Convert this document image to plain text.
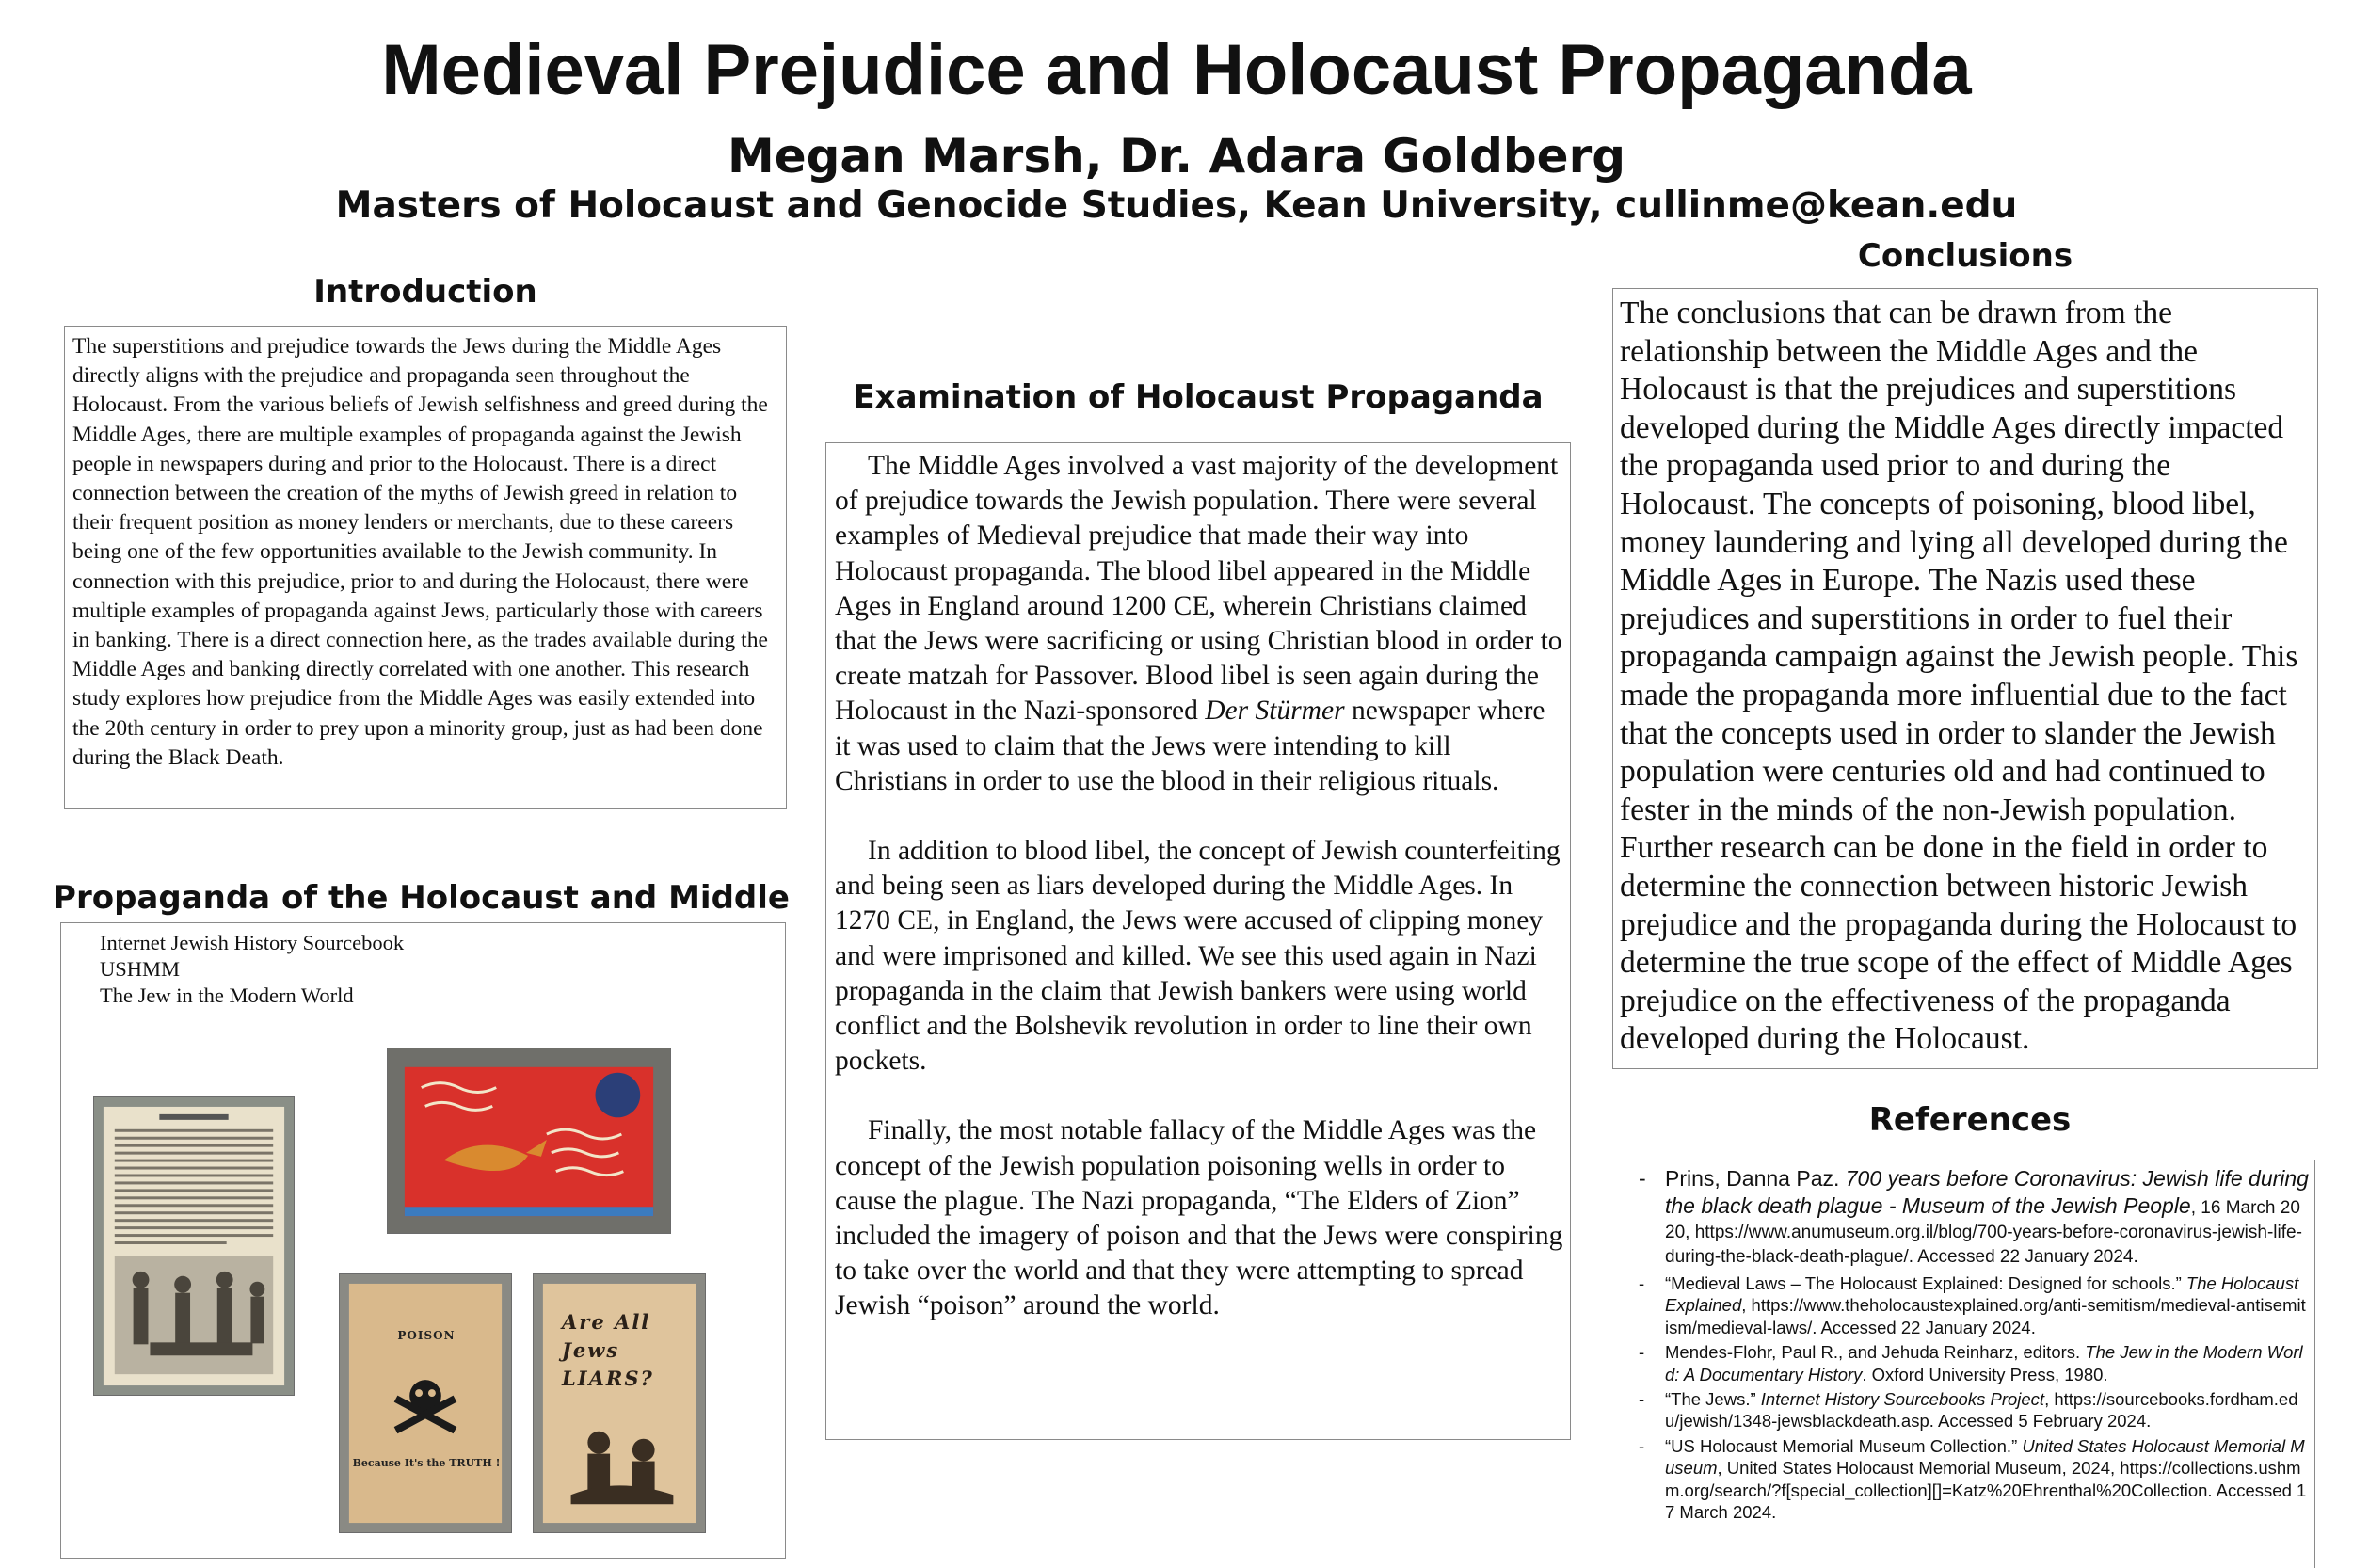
Medieval Prejudice and Holocaust Propaganda
Megan Marsh, Dr. Adara Goldberg
Masters of Holocaust and Genocide Studies, Kean University, cullinme@kean.edu
Introduction

The superstitions and prejudice towards the Jews during the Middle Ages directly aligns with the prejudice and propaganda seen throughout the Holocaust. From the various beliefs of Jewish selfishness and greed during the Middle Ages, there are multiple examples of propaganda against the Jewish people in newspapers during and prior to the Holocaust. There is a direct connection between the creation of the myths of Jewish greed in relation to their frequent position as money lenders or merchants, due to these careers being one of the few opportunities available to the Jewish community. In connection with this prejudice, prior to and during the Holocaust, there were multiple examples of propaganda against Jews, particularly those with careers in banking. There is a direct connection here, as the trades available during the Middle Ages and banking directly correlated with one another. This research study explores how prejudice from the Middle Ages was easily extended into the 20th century in order to prey upon a minority group, just as had been done during the Black Death.

Propaganda of the Holocaust and Middle
Internet Jewish History Sourcebook
USHMM
The Jew in the Modern World
POISON
Because It's the TRUTH !
Are All Jews LIARS?
Examination of Holocaust Propaganda

The Middle Ages involved a vast majority of the development of prejudice towards the Jewish population. There were several examples of Medieval prejudice that made their way into Holocaust propaganda. The blood libel appeared in the Middle Ages in England around 1200 CE, wherein Christians claimed that the Jews were sacrificing or using Christian blood in order to create matzah for Passover. Blood libel is seen again during the Holocaust in the Nazi-sponsored Der Stürmer newspaper where it was used to claim that the Jews were intending to kill Christians in order to use the blood in their religious rituals.

In addition to blood libel, the concept of Jewish counterfeiting and being seen as liars developed during the Middle Ages. In 1270 CE, in England, the Jews were accused of clipping money and were imprisoned and killed. We see this used again in Nazi propaganda in the claim that Jewish bankers were using world conflict and the Bolshevik revolution in order to line their own pockets.

Finally, the most notable fallacy of the Middle Ages was the concept of the Jewish population poisoning wells in order to cause the plague. The Nazi propaganda, “The Elders of Zion” included the imagery of poison and that the Jews were conspiring to take over the world and that they were attempting to spread Jewish “poison” around the world.

Conclusions

The conclusions that can be drawn from the relationship between the Middle Ages and the Holocaust is that the prejudices and superstitions developed during the Middle Ages directly impacted the propaganda used prior to and during the Holocaust. The concepts of poisoning, blood libel, money laundering and lying all developed during the Middle Ages in Europe. The Nazis used these prejudices and superstitions in order to fuel their propaganda campaign against the Jewish people. This made the propaganda more influential due to the fact that the concepts used in order to slander the Jewish population were centuries old and had continued to fester in the minds of the non-Jewish population. Further research can be done in the field in order to determine the connection between historic Jewish prejudice and the propaganda during the Holocaust to determine the true scope of the effect of Middle Ages prejudice on the effectiveness of the propaganda developed during the Holocaust.

References
- Prins, Danna Paz. 700 years before Coronavirus: Jewish life during the black death plague - Museum of the Jewish People, 16 March 2020, https://www.anumuseum.org.il/blog/700-years-before-coronavirus-jewish-life-during-the-black-death-plague/. Accessed 22 January 2024.
- “Medieval Laws – The Holocaust Explained: Designed for schools.” The Holocaust Explained, https://www.theholocaustexplained.org/anti-semitism/medieval-antisemitism/medieval-laws/. Accessed 22 January 2024.
- Mendes-Flohr, Paul R., and Jehuda Reinharz, editors. The Jew in the Modern World: A Documentary History. Oxford University Press, 1980.
- “The Jews.” Internet History Sourcebooks Project, https://sourcebooks.fordham.edu/jewish/1348-jewsblackdeath.asp. Accessed 5 February 2024.
- “US Holocaust Memorial Museum Collection.” United States Holocaust Memorial Museum, United States Holocaust Memorial Museum, 2024, https://collections.ushmm.org/search/?f[special_collection][]=Katz%20Ehrenthal%20Collection. Accessed 17 March 2024.
